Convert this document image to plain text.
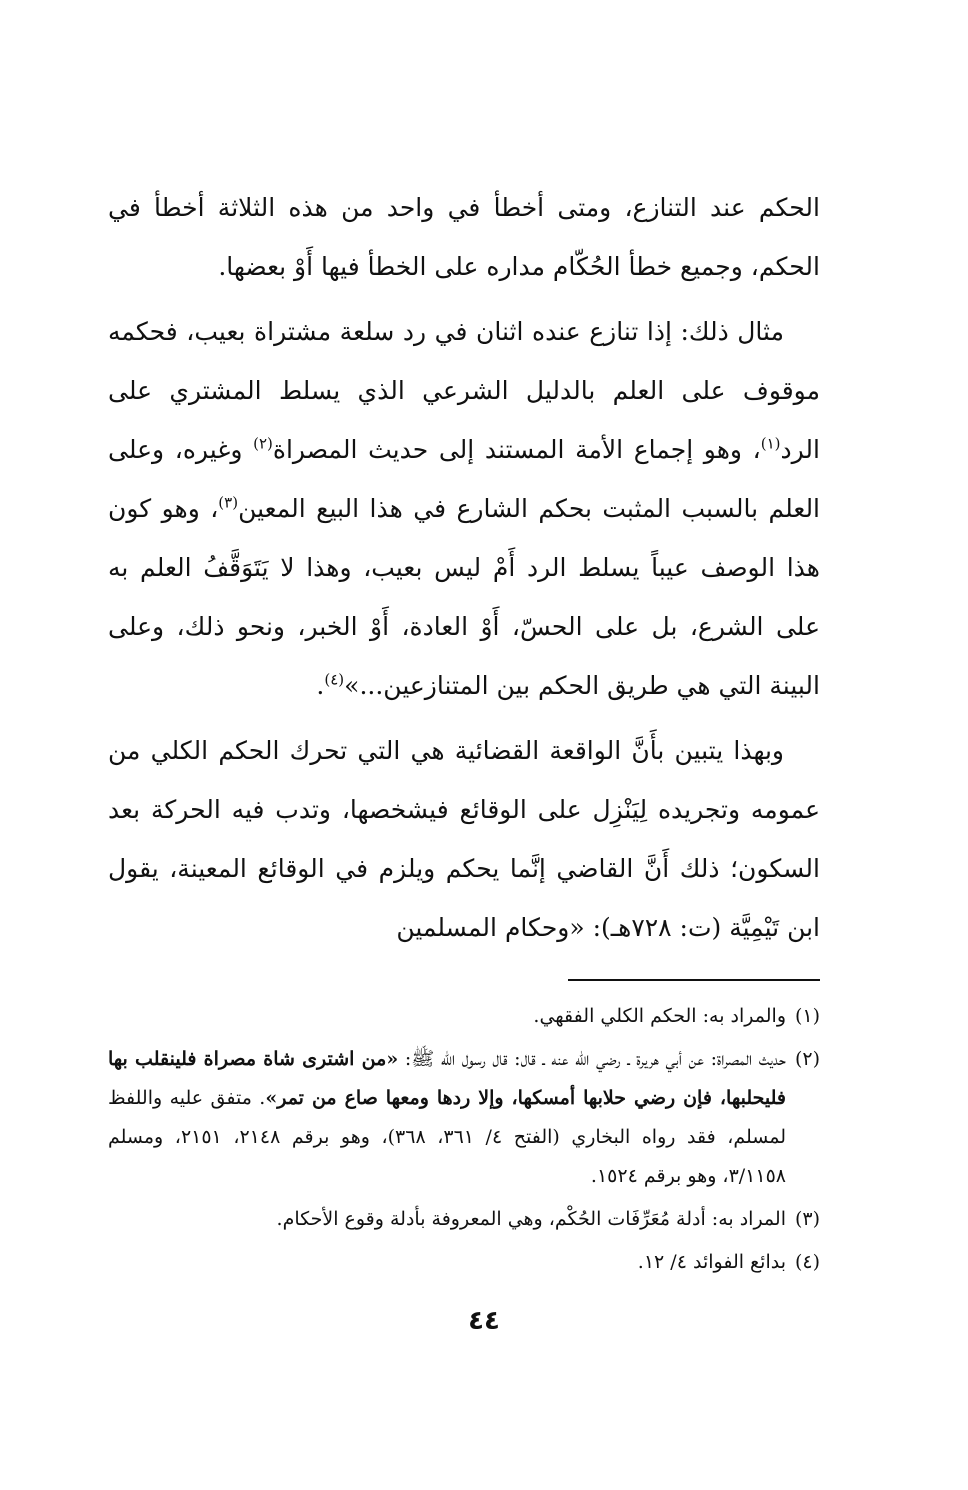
الحكم عند التنازع، ومتى أخطأ في واحد من هذه الثلاثة أخطأ في الحكم، وجميع خطأ الحُكّام مداره على الخطأ فيها أَوْ بعضها.

مثال ذلك: إذا تنازع عنده اثنان في رد سلعة مشتراة بعيب، فحكمه موقوف على العلم بالدليل الشرعي الذي يسلط المشتري على الرد$^{(١)}$، وهو إجماع الأمة المستند إلى حديث المصراة$^{(٢)}$ وغيره، وعلى العلم بالسبب المثبت بحكم الشارع في هذا البيع المعين$^{(٣)}$، وهو كون هذا الوصف عيباً يسلط الرد أَمْ ليس بعيب، وهذا لا يَتَوَقَّفُ العلم به على الشرع، بل على الحسّ، أَوْ العادة، أَوْ الخبر، ونحو ذلك، وعلى البينة التي هي طريق الحكم بين المتنازعين...»$^{(٤)}$.

وبهذا يتبين بأَنَّ الواقعة القضائية هي التي تحرك الحكم الكلي من عمومه وتجريده لِيَنْزِل على الوقائع فيشخصها، وتدب فيه الحركة بعد السكون؛ ذلك أَنَّ القاضي إنَّما يحكم ويلزم في الوقائع المعينة، يقول ابن تَيْمِيَّة (ت: ٧٢٨هـ): «وحكام المسلمين

(١)
والمراد به: الحكم الكلي الفقهي.
(٢)
حديث المصراة: عن أبي هريرة ـ رضي الله عنه ـ قال: قال رسول الله ﷺ: «من اشترى شاة مصراة فلينقلب بها فليحلبها، فإن رضي حلابها أمسكها، وإلا ردها ومعها صاع من تمر». متفق عليه واللفظ لمسلم، فقد رواه البخاري (الفتح ٤/ ٣٦١، ٣٦٨)، وهو برقم ٢١٤٨، ٢١٥١، ومسلم ٣/١١٥٨، وهو برقم ١٥٢٤.
(٣)
المراد به: أدلة مُعَرِّفَات الحُكْم، وهي المعروفة بأدلة وقوع الأحكام.
(٤)
بدائع الفوائد ٤/ ١٢.
٤٤
